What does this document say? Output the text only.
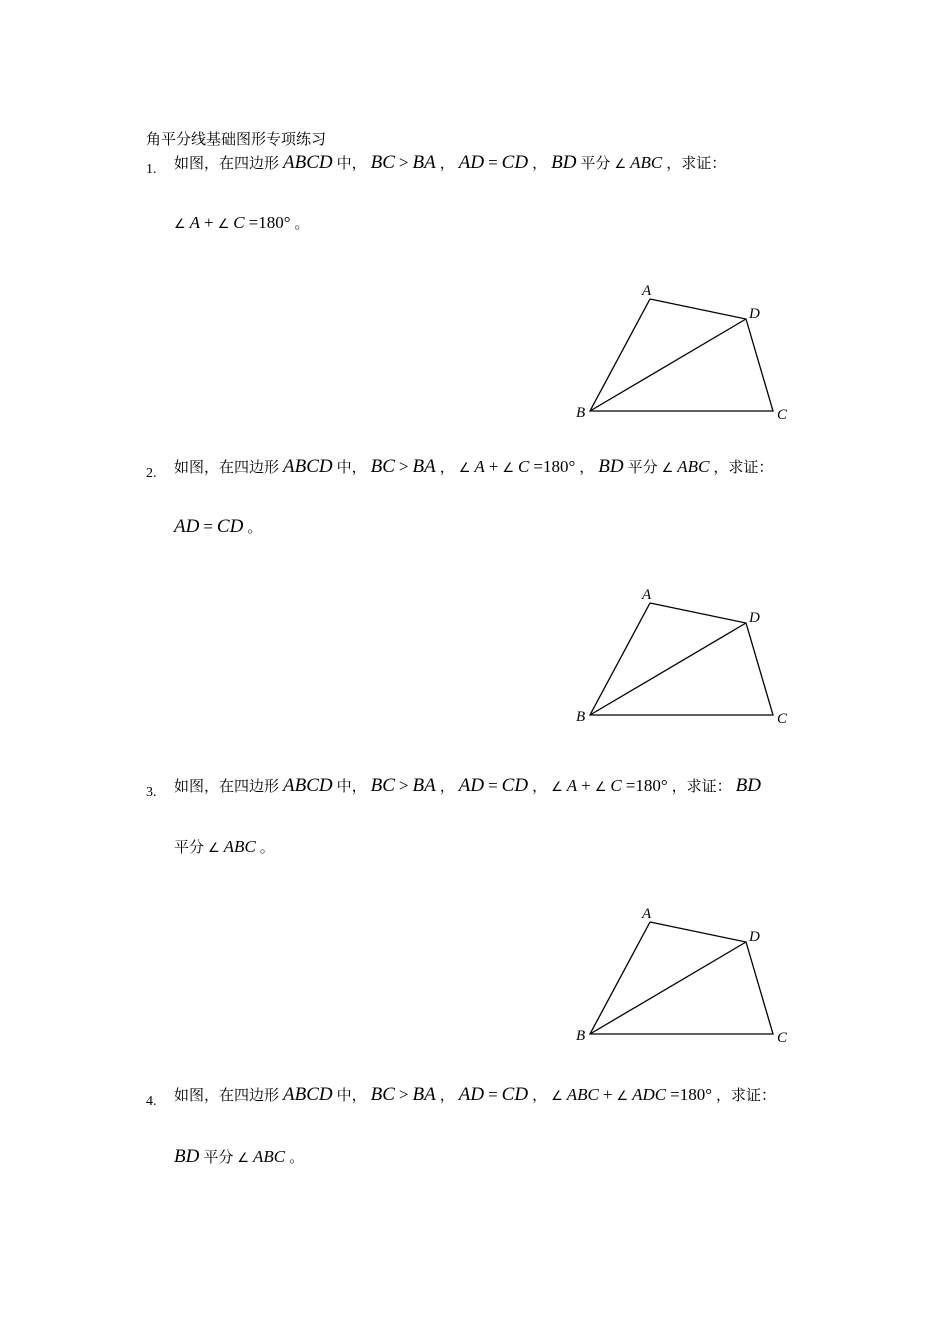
角平分线基础图形专项练习
1. 如图，在四边形 ABCD 中， BC > BA ， AD = CD ， BD 平分 ∠ ABC ，求证：
∠ A + ∠ C =180° 。
A
D
B	C
2. 如图，在四边形 ABCD 中， BC > BA ， ∠ A + ∠ C =180° ， BD 平分 ∠ ABC ，求证：
AD = CD 。
A
D
B	C
3. 如图，在四边形 ABCD 中， BC > BA ， AD = CD ， ∠ A + ∠ C =180° ，求证： BD
平分 ∠ ABC 。
A
D
B	C
4. 如图，在四边形 ABCD 中， BC > BA ， AD = CD ， ∠ ABC + ∠ ADC =180° ，求证：
BD 平分 ∠ ABC 。
